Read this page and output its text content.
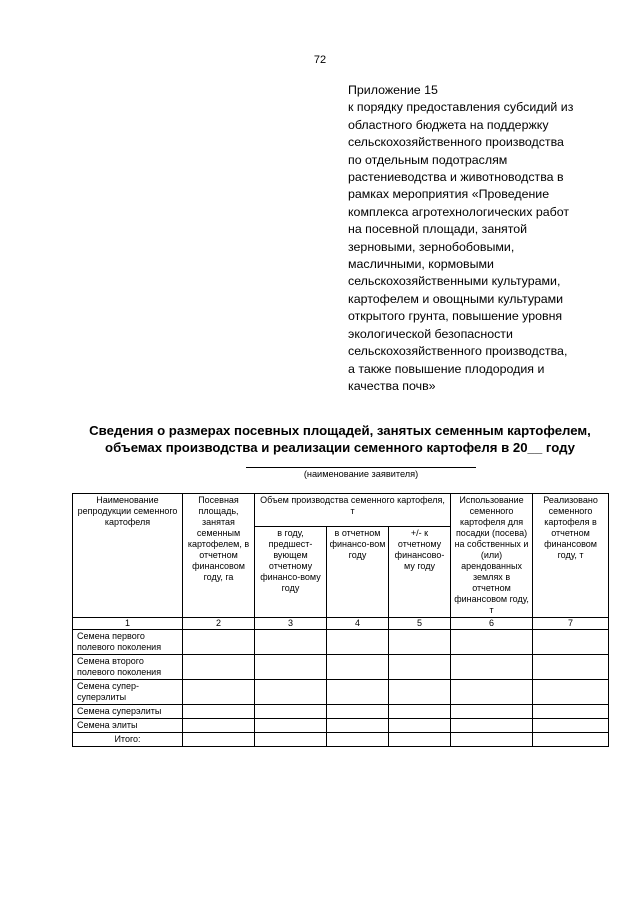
72
Приложение 15
к порядку предоставления субсидий из
областного бюджета на поддержку
сельскохозяйственного производства
по отдельным подотраслям
растениеводства и животноводства в
рамках мероприятия «Проведение
комплекса агротехнологических работ
на посевной площади, занятой
зерновыми, зернобобовыми,
масличными, кормовыми
сельскохозяйственными культурами,
картофелем и овощными культурами
открытого грунта, повышение уровня
экологической безопасности
сельскохозяйственного производства,
а также повышение плодородия и
качества почв»
Сведения о размерах посевных площадей, занятых семенным картофелем,
объемах производства и реализации семенного картофеля в 20__ году
(наименование заявителя)
Наименование репродукции семенного картофеля	Посевная площадь, занятая семенным картофелем, в отчетном финансовом году, га	Объем производства семенного картофеля, т			Использование семенного картофеля для посадки (посева) на собственных и (или) арендованных землях в отчетном финансовом году, т	Реализовано семенного картофеля в отчетном финансовом году, т
		в году, предшест-вующем отчетному финансо-вому году	в отчетном финансо-вом году	+/- к отчетному финансово-му году		
1	2	3	4	5	6	7
Семена первого полевого поколения						
Семена второго полевого поколения						
Семена супер-суперэлиты						
Семена суперэлиты						
Семена элиты						
Итого:						
